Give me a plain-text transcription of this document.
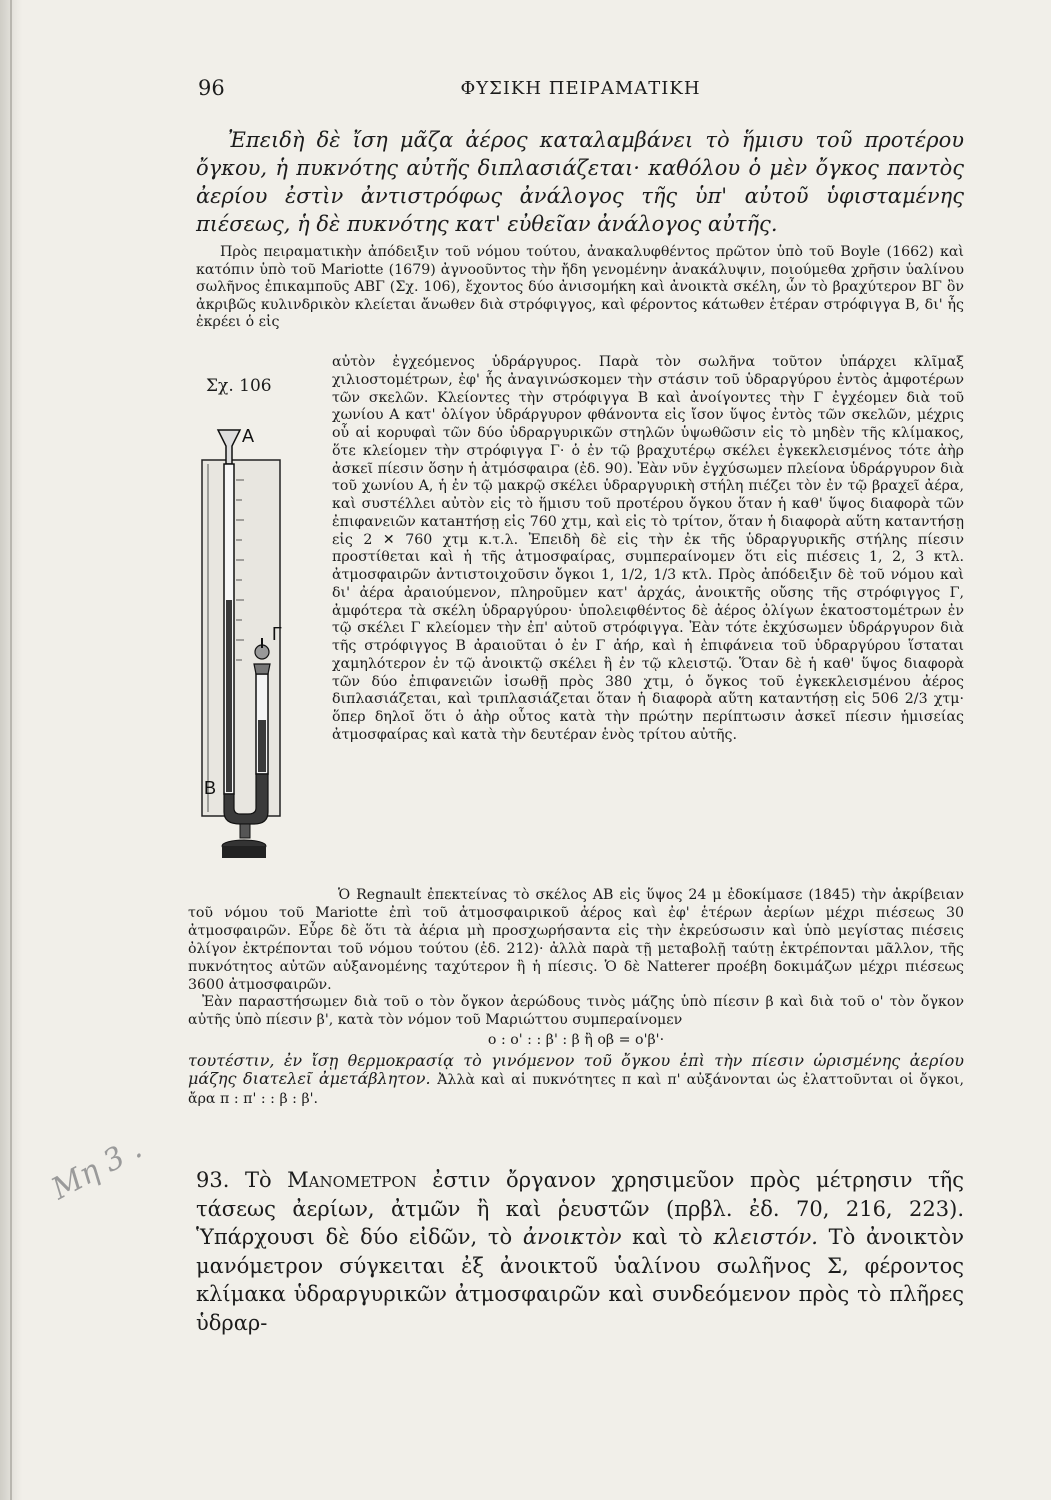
96	ΦΥΣΙΚΗ ΠΕΙΡΑΜΑΤΙΚΗ

Ἐπειδὴ δὲ ἴση μᾶζα ἀέρος καταλαμβάνει τὸ ἥμισυ τοῦ προτέρου ὄγκου, ἡ πυκνότης αὐτῆς διπλασιάζεται· καθόλου ὁ μὲν ὄγκος παντὸς ἀερίου ἐστὶν ἀντιστρόφως ἀνάλογος τῆς ὑπ' αὐτοῦ ὑφισταμένης πιέσεως, ἡ δὲ πυκνότης κατ' εὐθεῖαν ἀνάλογος αὐτῆς.

Πρὸς πειραματικὴν ἀπόδειξιν τοῦ νόμου τούτου, ἀνακαλυφθέντος πρῶτον ὑπὸ τοῦ Boyle (1662) καὶ κατόπιν ὑπὸ τοῦ Mariotte (1679) ἀγνοοῦντος τὴν ἤδη γενομένην ἀνακάλυψιν, ποιούμεθα χρῆσιν ὑαλίνου σωλῆνος ἐπικαμποῦς ΑΒΓ (Σχ. 106), ἔχοντος δύο ἀνισομήκη καὶ ἀνοικτὰ σκέλη, ὧν τὸ βραχύτερον ΒΓ ὂν ἀκριβῶς κυλινδρικὸν κλείεται ἄνωθεν διὰ στρόφιγγος, καὶ φέροντος κάτωθεν ἑτέραν στρόφιγγα Β, δι' ἧς ἐκρέει ὁ εἰς

Σχ. 106
Α
Γ
Β

αὐτὸν ἐγχεόμενος ὑδράργυρος. Παρὰ τὸν σωλῆνα τοῦτον ὑπάρχει κλῖμαξ χιλιοστομέτρων, ἐφ' ἧς ἀναγινώσκομεν τὴν στάσιν τοῦ ὑδραργύρου ἐντὸς ἀμφοτέρων τῶν σκελῶν. Κλείοντες τὴν στρόφιγγα Β καὶ ἀνοίγοντες τὴν Γ ἐγχέομεν διὰ τοῦ χωνίου Α κατ' ὀλίγον ὑδράργυρον φθάνοντα εἰς ἴσον ὕψος ἐντὸς τῶν σκελῶν, μέχρις οὗ αἱ κορυφαὶ τῶν δύο ὑδραργυρικῶν στηλῶν ὑψωθῶσιν εἰς τὸ μηδὲν τῆς κλίμακος, ὅτε κλείομεν τὴν στρόφιγγα Γ· ὁ ἐν τῷ βραχυτέρῳ σκέλει ἐγκεκλεισμένος τότε ἀὴρ ἀσκεῖ πίεσιν ὅσην ἡ ἀτμόσφαιρα (ἐδ. 90). Ἐὰν νῦν ἐγχύσωμεν πλείονα ὑδράργυρον διὰ τοῦ χωνίου Α, ἡ ἐν τῷ μακρῷ σκέλει ὑδραργυρικὴ στήλη πιέζει τὸν ἐν τῷ βραχεῖ ἀέρα, καὶ συστέλλει αὐτὸν εἰς τὸ ἥμισυ τοῦ προτέρου ὄγκου ὅταν ἡ καθ' ὕψος διαφορὰ τῶν ἐπιφανειῶν κατантήσῃ εἰς 760 χτμ, καὶ εἰς τὸ τρίτον, ὅταν ἡ διαφορὰ αὕτη καταντήσῃ εἰς 2 ✕ 760 χτμ κ.τ.λ. Ἐπειδὴ δὲ εἰς τὴν ἐκ τῆς ὑδραργυρικῆς στήλης πίεσιν προστίθεται καὶ ἡ τῆς ἀτμοσφαίρας, συμπεραίνομεν ὅτι εἰς πιέσεις 1, 2, 3 κτλ. ἀτμοσφαιρῶν ἀντιστοιχοῦσιν ὄγκοι 1, 1/2, 1/3 κτλ. Πρὸς ἀπόδειξιν δὲ τοῦ νόμου καὶ δι' ἀέρα ἀραιούμενον, πληροῦμεν κατ' ἀρχάς, ἀνοικτῆς οὔσης τῆς στρόφιγγος Γ, ἀμφότερα τὰ σκέλη ὑδραργύρου· ὑπολειφθέντος δὲ ἀέρος ὀλίγων ἑκατοστομέτρων ἐν τῷ σκέλει Γ κλείομεν τὴν ἐπ' αὐτοῦ στρόφιγγα. Ἐὰν τότε ἐκχύσωμεν ὑδράργυρον διὰ τῆς στρόφιγγος Β ἀραιοῦται ὁ ἐν Γ ἀήρ, καὶ ἡ ἐπιφάνεια τοῦ ὑδραργύρου ἵσταται χαμηλότερον ἐν τῷ ἀνοικτῷ σκέλει ἢ ἐν τῷ κλειστῷ. Ὅταν δὲ ἡ καθ' ὕψος διαφορὰ τῶν δύο ἐπιφανειῶν ἰσωθῇ πρὸς 380 χτμ, ὁ ὄγκος τοῦ ἐγκεκλεισμένου ἀέρος διπλασιάζεται, καὶ τριπλασιάζεται ὅταν ἡ διαφορὰ αὕτη καταντήσῃ εἰς 506 2/3 χτμ· ὅπερ δηλοῖ ὅτι ὁ ἀὴρ οὗτος κατὰ τὴν πρώτην περίπτωσιν ἀσκεῖ πίεσιν ἡμισείας ἀτμοσφαίρας καὶ κατὰ τὴν δευτέραν ἑνὸς τρίτου αὐτῆς.

Ὁ Regnault ἐπεκτείνας τὸ σκέλος ΑΒ εἰς ὕψος 24 μ ἐδοκίμασε (1845) τὴν ἀκρίβειαν τοῦ νόμου τοῦ Mariotte ἐπὶ τοῦ ἀτμοσφαιρικοῦ ἀέρος καὶ ἐφ' ἑτέρων ἀερίων μέχρι πιέσεως 30 ἀτμοσφαιρῶν. Εὗρε δὲ ὅτι τὰ ἀέρια μὴ προσχωρήσαντα εἰς τὴν ἐκρεύσωσιν καὶ ὑπὸ μεγίστας πιέσεις ὀλίγον ἐκτρέπονται τοῦ νόμου τούτου (ἐδ. 212)· ἀλλὰ παρὰ τῇ μεταβολῇ ταύτῃ ἐκτρέπονται μᾶλλον, τῆς πυκνότητος αὐτῶν αὐξανομένης ταχύτερον ἢ ἡ πίεσις. Ὁ δὲ Natterer προέβη δοκιμάζων μέχρι πιέσεως 3600 ἀτμοσφαιρῶν.

Ἐὰν παραστήσωμεν διὰ τοῦ ο τὸν ὄγκον ἀερώδους τινὸς μάζης ὑπὸ πίεσιν β καὶ διὰ τοῦ ο' τὸν ὄγκον αὐτῆς ὑπὸ πίεσιν β', κατὰ τὸν νόμον τοῦ Μαριώττου συμπεραίνομεν

ο : ο' : : β' : β ἢ οβ = ο'β'·

τουτέστιν, ἐν ἴσῃ θερμοκρασίᾳ τὸ γινόμενον τοῦ ὄγκου ἐπὶ τὴν πίεσιν ὡρισμένης ἀερίου μάζης διατελεῖ ἀμετάβλητον. Ἀλλὰ καὶ αἱ πυκνότητες π καὶ π' αὐξάνονται ὡς ἐλαττοῦνται οἱ ὄγκοι, ἄρα π : π' : : β : β'.

93. Τὸ Μανομετρον ἐστιν ὄργανον χρησιμεῦον πρὸς μέτρησιν τῆς τάσεως ἀερίων, ἀτμῶν ἢ καὶ ῥευστῶν (πρβλ. ἐδ. 70, 216, 223). Ὑπάρχουσι δὲ δύο εἰδῶν, τὸ ἀνοικτὸν καὶ τὸ κλειστόν. Τὸ ἀνοικτὸν μανόμετρον σύγκειται ἐξ ἀνοικτοῦ ὑαλίνου σωλῆνος Σ, φέροντος κλίμακα ὑδραργυρικῶν ἀτμοσφαιρῶν καὶ συνδεόμενον πρὸς τὸ πλῆρες ὑδραρ-

Μη 3 .
